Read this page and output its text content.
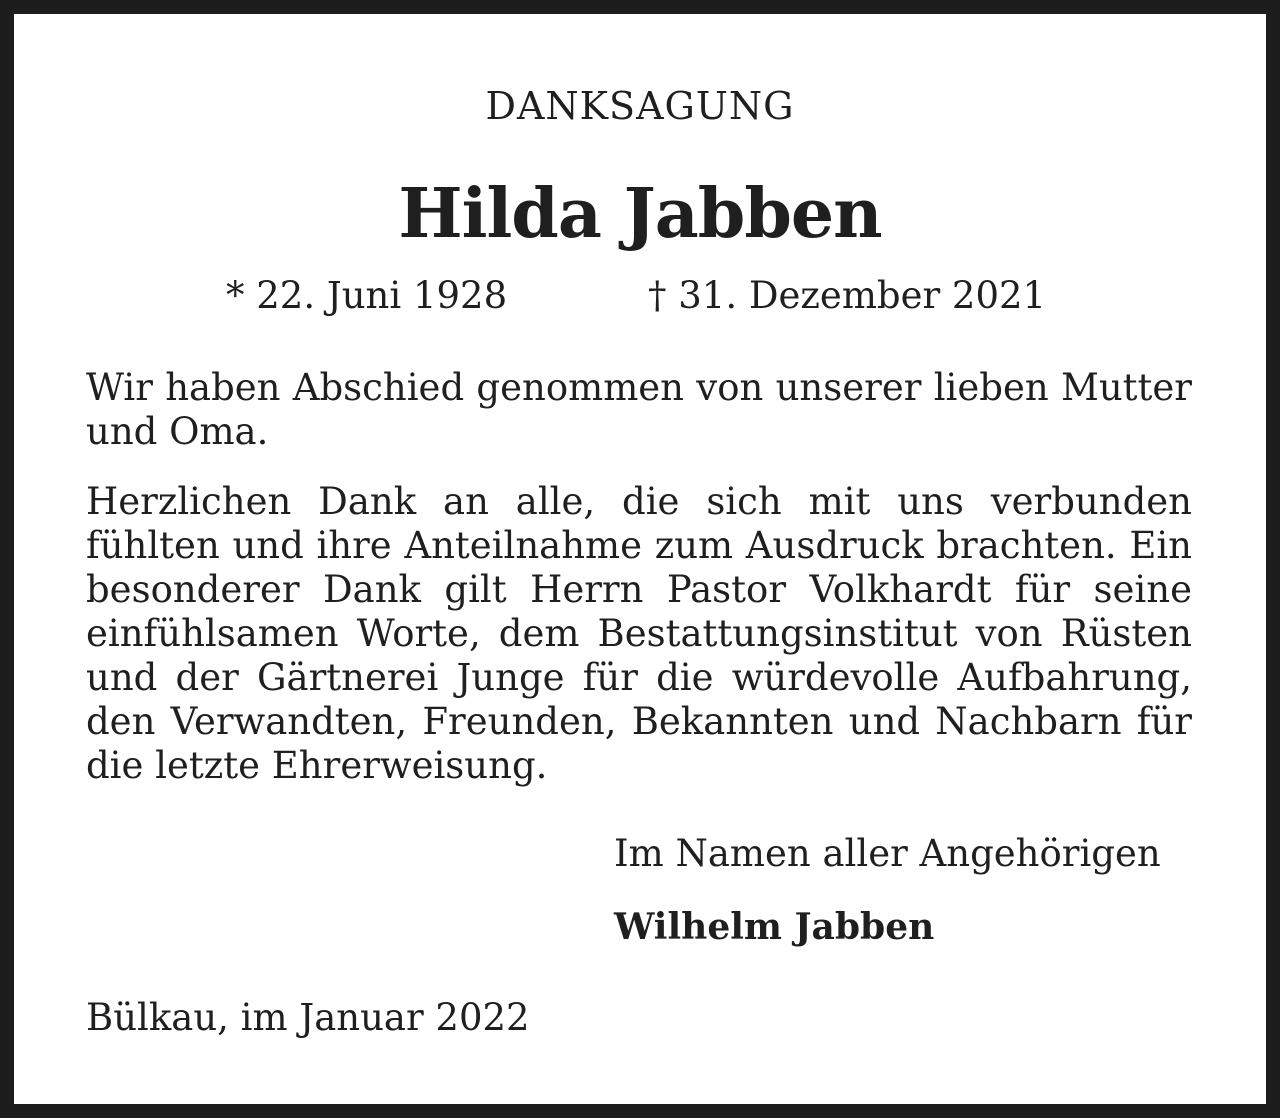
DANKSAGUNG
Hilda Jabben
* 22. Juni 1928	† 31. Dezember 2021

Wir haben Abschied genommen von unserer lieben Mutter und Oma.

Herzlichen Dank an alle, die sich mit uns verbunden fühlten und ihre Anteilnahme zum Ausdruck brachten. Ein besonderer Dank gilt Herrn Pastor Volkhardt für seine einfühlsamen Worte, dem Bestattungsinstitut von Rüsten und der Gärtnerei Junge für die würdevolle Aufbahrung, den Verwandten, Freunden, Bekannten und Nachbarn für die letzte Ehrerweisung.

Im Namen aller Angehörigen
Wilhelm Jabben
Bülkau, im Januar 2022
